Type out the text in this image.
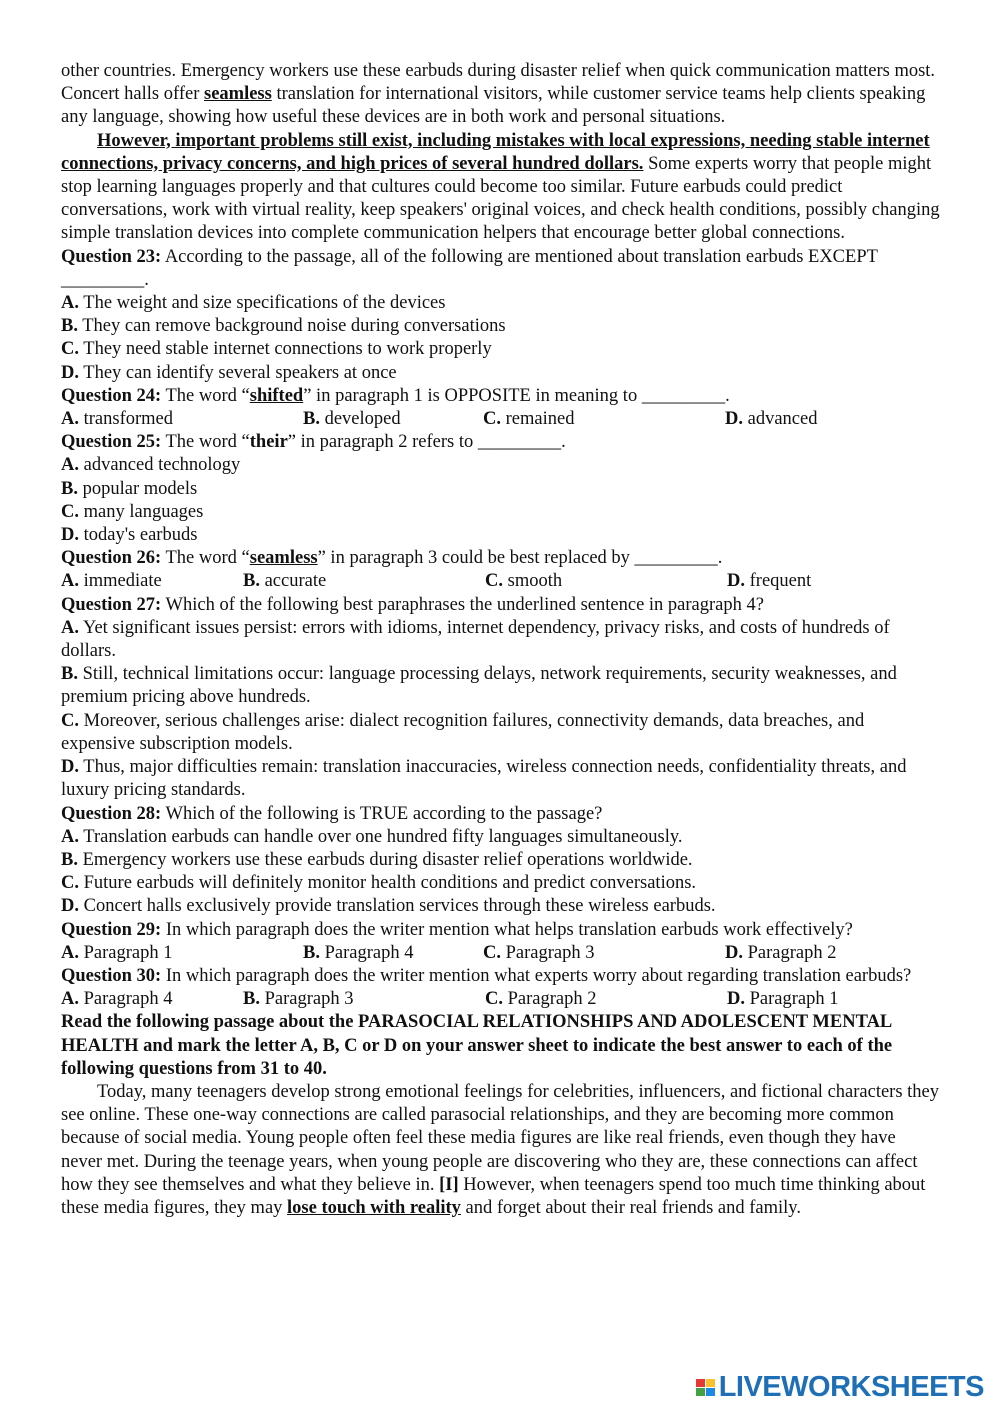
other countries. Emergency workers use these earbuds during disaster relief when quick communication matters most. Concert halls offer seamless translation for international visitors, while customer service teams help clients speaking any language, showing how useful these devices are in both work and personal situations.

However, important problems still exist, including mistakes with local expressions, needing stable internet connections, privacy concerns, and high prices of several hundred dollars. Some experts worry that people might stop learning languages properly and that cultures could become too similar. Future earbuds could predict conversations, work with virtual reality, keep speakers' original voices, and check health conditions, possibly changing simple translation devices into complete communication helpers that encourage better global connections.

Question 23: According to the passage, all of the following are mentioned about translation earbuds EXCEPT _________.

A. The weight and size specifications of the devices

B. They can remove background noise during conversations

C. They need stable internet connections to work properly

D. They can identify several speakers at once

Question 24: The word “shifted” in paragraph 1 is OPPOSITE in meaning to _________.

A. transformed	B. developed	C. remained	D. advanced

Question 25: The word “their” in paragraph 2 refers to _________.

A. advanced technology

B. popular models

C. many languages

D. today's earbuds

Question 26: The word “seamless” in paragraph 3 could be best replaced by _________.

A. immediate	B. accurate	C. smooth	D. frequent

Question 27: Which of the following best paraphrases the underlined sentence in paragraph 4?

A. Yet significant issues persist: errors with idioms, internet dependency, privacy risks, and costs of hundreds of dollars.

B. Still, technical limitations occur: language processing delays, network requirements, security weaknesses, and premium pricing above hundreds.

C. Moreover, serious challenges arise: dialect recognition failures, connectivity demands, data breaches, and expensive subscription models.

D. Thus, major difficulties remain: translation inaccuracies, wireless connection needs, confidentiality threats, and luxury pricing standards.

Question 28: Which of the following is TRUE according to the passage?

A. Translation earbuds can handle over one hundred fifty languages simultaneously.

B. Emergency workers use these earbuds during disaster relief operations worldwide.

C. Future earbuds will definitely monitor health conditions and predict conversations.

D. Concert halls exclusively provide translation services through these wireless earbuds.

Question 29: In which paragraph does the writer mention what helps translation earbuds work effectively?

A. Paragraph 1	B. Paragraph 4	C. Paragraph 3	D. Paragraph 2

Question 30: In which paragraph does the writer mention what experts worry about regarding translation earbuds?

A. Paragraph 4	B. Paragraph 3	C. Paragraph 2	D. Paragraph 1

Read the following passage about the PARASOCIAL RELATIONSHIPS AND ADOLESCENT MENTAL HEALTH and mark the letter A, B, C or D on your answer sheet to indicate the best answer to each of the following questions from 31 to 40.

Today, many teenagers develop strong emotional feelings for celebrities, influencers, and fictional characters they see online. These one-way connections are called parasocial relationships, and they are becoming more common because of social media. Young people often feel these media figures are like real friends, even though they have never met. During the teenage years, when young people are discovering who they are, these connections can affect how they see themselves and what they believe in. [I] However, when teenagers spend too much time thinking about these media figures, they may lose touch with reality and forget about their real friends and family.

LIVEWORKSHEETS
